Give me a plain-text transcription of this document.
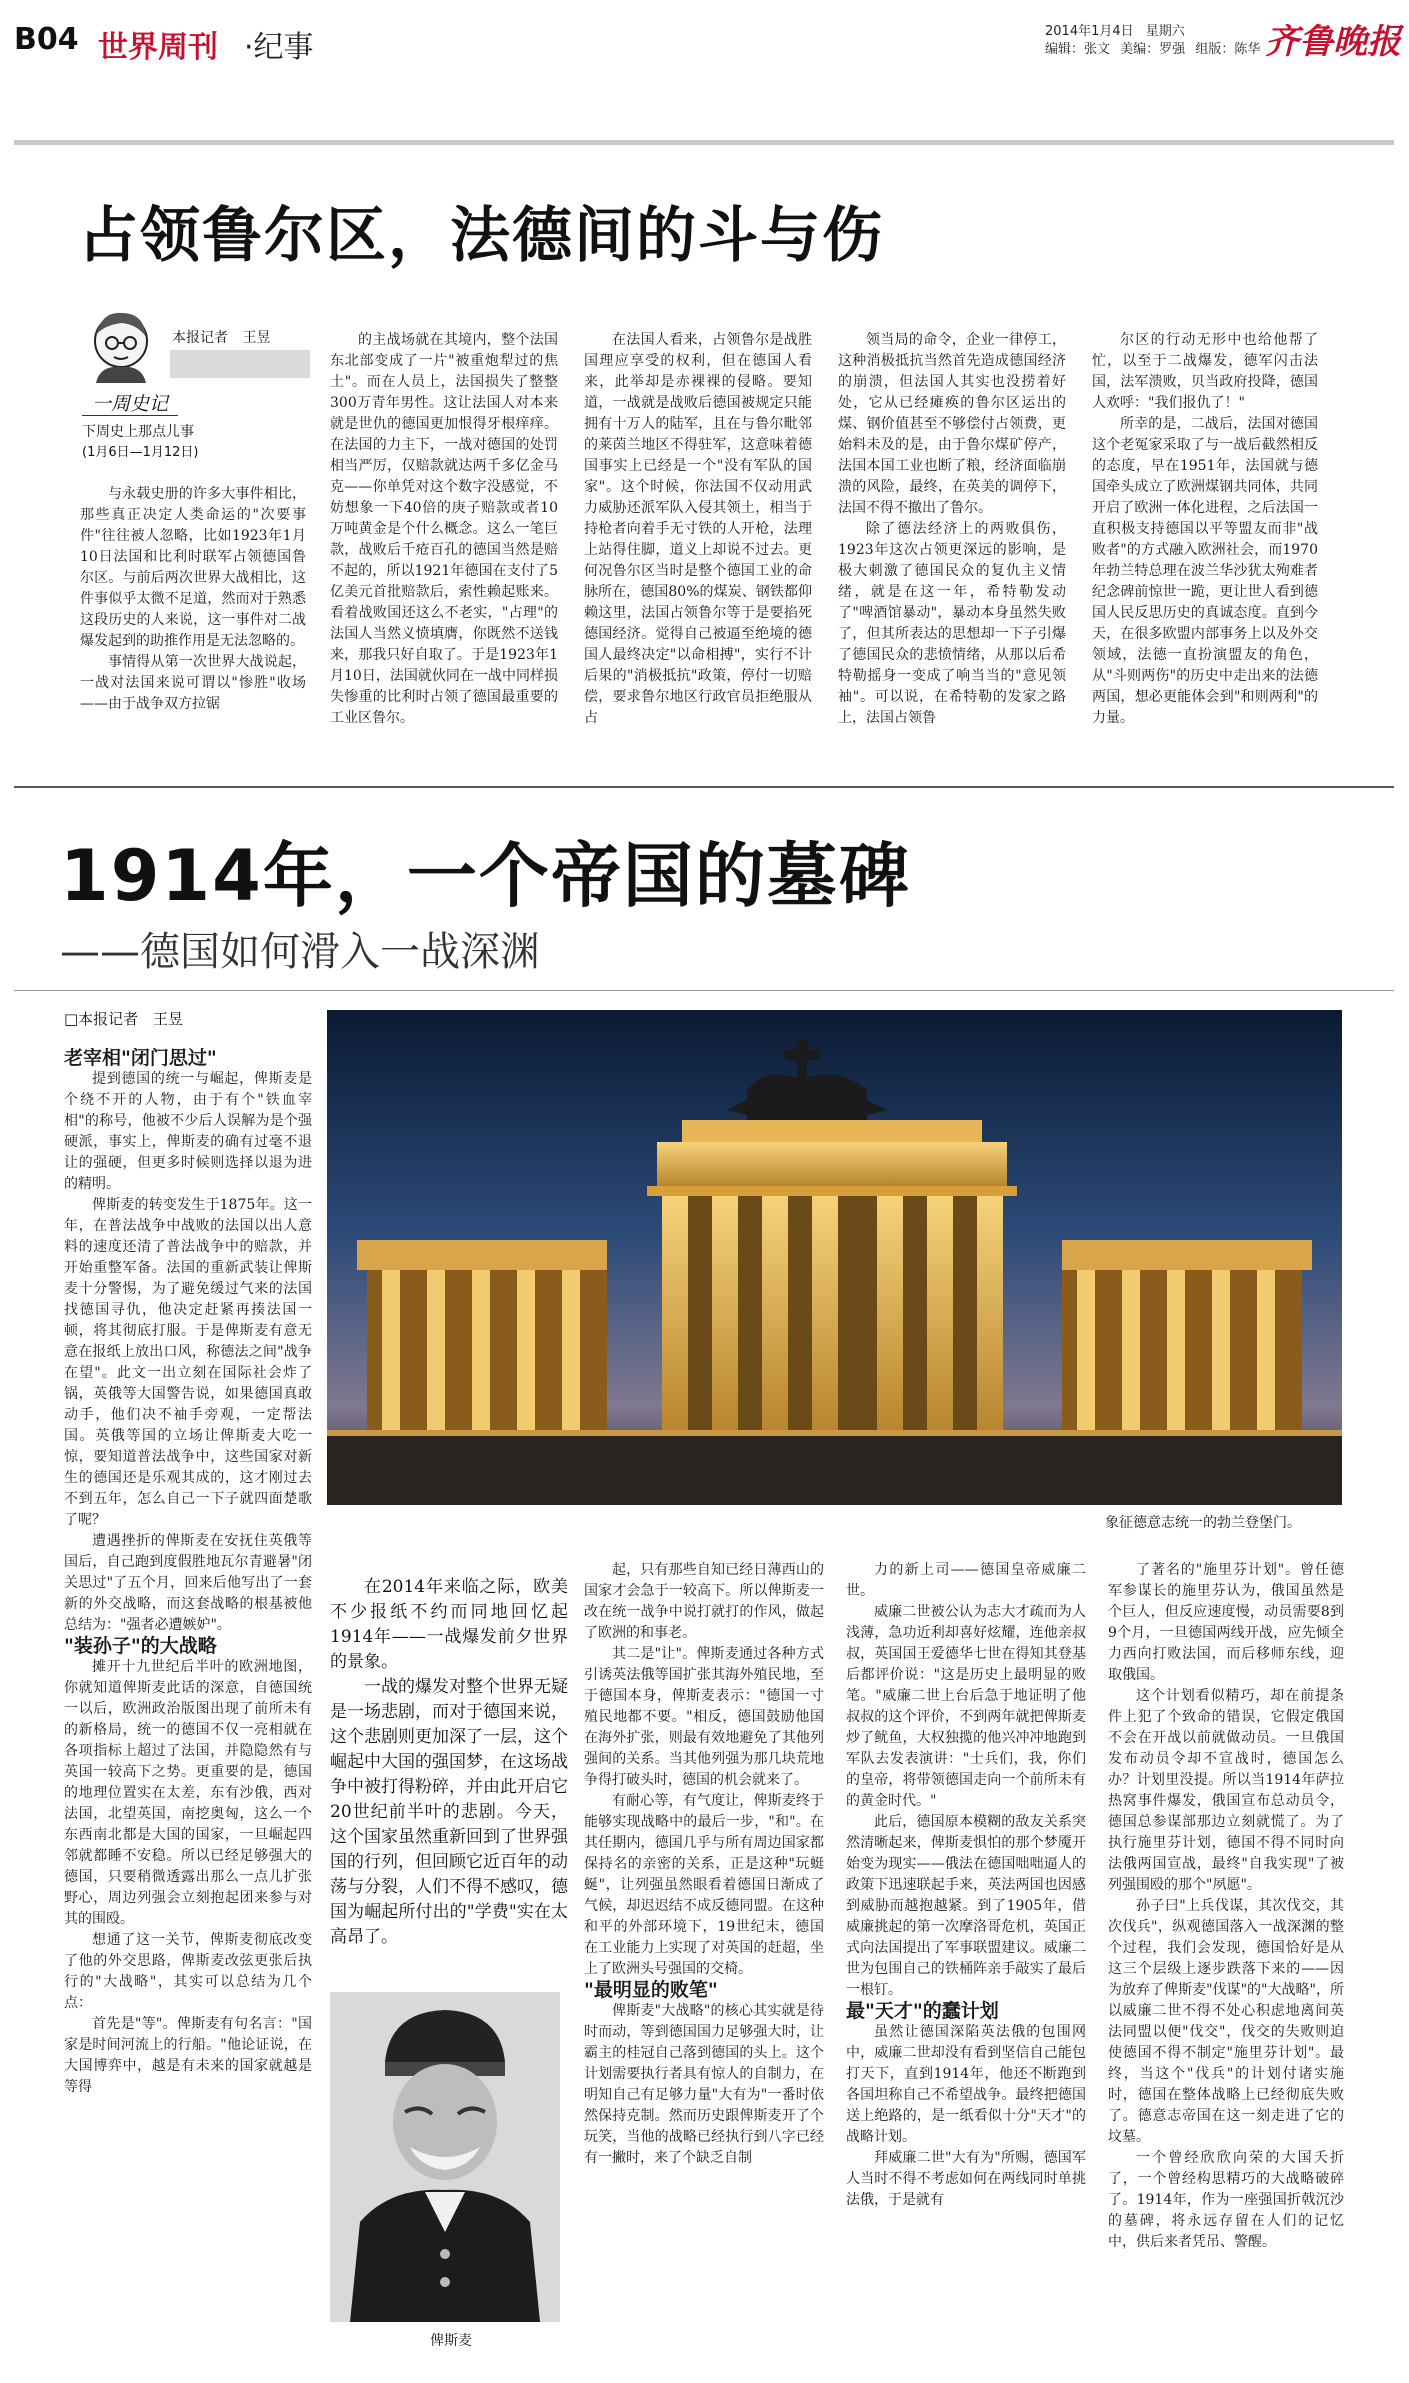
B04 世界周刊 ·纪事	2014年1月4日 星期六
编辑：张文 美编：罗强 组版：陈华 齐鲁晚报
占领鲁尔区，法德间的斗与伤
本报记者 王昱
一周史记
下周史上那点儿事
(1月6日—1月12日)

与永载史册的许多大事件相比，那些真正决定人类命运的"次要事件"往往被人忽略，比如1923年1月10日法国和比利时联军占领德国鲁尔区。与前后两次世界大战相比，这件事似乎太微不足道，然而对于熟悉这段历史的人来说，这一事件对二战爆发起到的助推作用是无法忽略的。

事情得从第一次世界大战说起，一战对法国来说可谓以"惨胜"收场——由于战争双方拉锯

的主战场就在其境内，整个法国东北部变成了一片"被重炮犁过的焦土"。而在人员上，法国损失了整整300万青年男性。这让法国人对本来就是世仇的德国更加恨得牙根痒痒。在法国的力主下，一战对德国的处罚相当严厉，仅赔款就达两千多亿金马克——你单凭对这个数字没感觉，不妨想象一下40倍的庚子赔款或者10万吨黄金是个什么概念。这么一笔巨款，战败后千疮百孔的德国当然是赔不起的，所以1921年德国在支付了5亿美元首批赔款后，索性赖起账来。看着战败国还这么不老实，"占理"的法国人当然义愤填膺，你既然不送钱来，那我只好自取了。于是1923年1月10日，法国就伙同在一战中同样损失惨重的比利时占领了德国最重要的工业区鲁尔。

在法国人看来，占领鲁尔是战胜国理应享受的权利，但在德国人看来，此举却是赤裸裸的侵略。要知道，一战就是战败后德国被规定只能拥有十万人的陆军，且在与鲁尔毗邻的莱茵兰地区不得驻军，这意味着德国事实上已经是一个"没有军队的国家"。这个时候，你法国不仅动用武力威胁还派军队入侵其领土，相当于持枪者向着手无寸铁的人开枪，法理上站得住脚，道义上却说不过去。更何况鲁尔区当时是整个德国工业的命脉所在，德国80%的煤炭、钢铁都仰赖这里，法国占领鲁尔等于是要掐死德国经济。觉得自己被逼至绝境的德国人最终决定"以命相搏"，实行不计后果的"消极抵抗"政策，停付一切赔偿，要求鲁尔地区行政官员拒绝服从占

领当局的命令，企业一律停工，这种消极抵抗当然首先造成德国经济的崩溃，但法国人其实也没捞着好处，它从已经瘫痪的鲁尔区运出的煤、钢价值甚至不够偿付占领费，更始料未及的是，由于鲁尔煤矿停产，法国本国工业也断了粮，经济面临崩溃的风险，最终，在英美的调停下，法国不得不撤出了鲁尔。

除了德法经济上的两败俱伤，1923年这次占领更深远的影响，是极大刺激了德国民众的复仇主义情绪，就是在这一年，希特勒发动了"啤酒馆暴动"，暴动本身虽然失败了，但其所表达的思想却一下子引爆了德国民众的悲愤情绪，从那以后希特勒摇身一变成了响当当的"意见领袖"。可以说，在希特勒的发家之路上，法国占领鲁

尔区的行动无形中也给他帮了忙，以至于二战爆发，德军闪击法国，法军溃败，贝当政府投降，德国人欢呼："我们报仇了！"

所幸的是，二战后，法国对德国这个老冤家采取了与一战后截然相反的态度，早在1951年，法国就与德国牵头成立了欧洲煤钢共同体，共同开启了欧洲一体化进程，之后法国一直积极支持德国以平等盟友而非"战败者"的方式融入欧洲社会，而1970年勃兰特总理在波兰华沙犹太殉难者纪念碑前惊世一跪，更让世人看到德国人民反思历史的真诚态度。直到今天，在很多欧盟内部事务上以及外交领域，法德一直扮演盟友的角色，从"斗则两伤"的历史中走出来的法德两国，想必更能体会到"和则两利"的力量。

1914年，一个帝国的墓碑
——德国如何滑入一战深渊
□本报记者 王昱
象征德意志统一的勃兰登堡门。

老宰相"闭门思过"

提到德国的统一与崛起，俾斯麦是个绕不开的人物，由于有个"铁血宰相"的称号，他被不少后人误解为是个强硬派，事实上，俾斯麦的确有过毫不退让的强硬，但更多时候则选择以退为进的精明。

俾斯麦的转变发生于1875年。这一年，在普法战争中战败的法国以出人意料的速度还清了普法战争中的赔款，并开始重整军备。法国的重新武装让俾斯麦十分警惕，为了避免缓过气来的法国找德国寻仇，他决定赶紧再揍法国一顿，将其彻底打服。于是俾斯麦有意无意在报纸上放出口风，称德法之间"战争在望"。此文一出立刻在国际社会炸了锅，英俄等大国警告说，如果德国真敢动手，他们决不袖手旁观，一定帮法国。英俄等国的立场让俾斯麦大吃一惊，要知道普法战争中，这些国家对新生的德国还是乐观其成的，这才刚过去不到五年，怎么自己一下子就四面楚歌了呢？

遭遇挫折的俾斯麦在安抚住英俄等国后，自己跑到度假胜地瓦尔青避暑"闭关思过"了五个月，回来后他写出了一套新的外交战略，而这套战略的根基被他总结为："强者必遭嫉妒"。

"装孙子"的大战略

摊开十九世纪后半叶的欧洲地图，你就知道俾斯麦此话的深意，自德国统一以后，欧洲政治版图出现了前所未有的新格局，统一的德国不仅一亮相就在各项指标上超过了法国，并隐隐然有与英国一较高下之势。更重要的是，德国的地理位置实在太差，东有沙俄，西对法国，北望英国，南挖奥匈，这么一个东西南北都是大国的国家，一旦崛起四邻就都睡不安稳。所以已经足够强大的德国，只要稍微透露出那么一点儿扩张野心，周边列强会立刻抱起团来参与对其的围殴。

想通了这一关节，俾斯麦彻底改变了他的外交思路，俾斯麦改弦更张后执行的"大战略"，其实可以总结为几个点：

首先是"等"。俾斯麦有句名言："国家是时间河流上的行船。"他论证说，在大国博弈中，越是有未来的国家就越是等得

在2014年来临之际，欧美不少报纸不约而同地回忆起1914年——一战爆发前夕世界的景象。

一战的爆发对整个世界无疑是一场悲剧，而对于德国来说，这个悲剧则更加深了一层，这个崛起中大国的强国梦，在这场战争中被打得粉碎，并由此开启它20世纪前半叶的悲剧。今天，这个国家虽然重新回到了世界强国的行列，但回顾它近百年的动荡与分裂，人们不得不感叹，德国为崛起所付出的"学费"实在太高昂了。

俾斯麦

起，只有那些自知已经日薄西山的国家才会急于一较高下。所以俾斯麦一改在统一战争中说打就打的作风，做起了欧洲的和事老。

其二是"让"。俾斯麦通过各种方式引诱英法俄等国扩张其海外殖民地，至于德国本身，俾斯麦表示："德国一寸殖民地都不要。"相反，德国鼓励他国在海外扩张，则最有效地避免了其他列强间的关系。当其他列强为那几块荒地争得打破头时，德国的机会就来了。

有耐心等，有气度让，俾斯麦终于能够实现战略中的最后一步，"和"。在其任期内，德国几乎与所有周边国家都保持名的亲密的关系，正是这种"玩蜓蜒"，让列强虽然眼看着德国日渐成了气候，却迟迟结不成反德同盟。在这种和平的外部环境下，19世纪末，德国在工业能力上实现了对英国的赶超，坐上了欧洲头号强国的交椅。

"最明显的败笔"

俾斯麦"大战略"的核心其实就是待时而动，等到德国国力足够强大时，让霸主的桂冠自己落到德国的头上。这个计划需要执行者具有惊人的自制力，在明知自己有足够力量"大有为"一番时依然保持克制。然而历史跟俾斯麦开了个玩笑，当他的战略已经执行到八字已经有一撇时，来了个缺乏自制

力的新上司——德国皇帝威廉二世。

威廉二世被公认为志大才疏而为人浅薄，急功近利却喜好炫耀，连他亲叔叔，英国国王爱德华七世在得知其登基后都评价说："这是历史上最明显的败笔。"威廉二世上台后急于地证明了他叔叔的这个评价，不到两年就把俾斯麦炒了鱿鱼，大权独揽的他兴冲冲地跑到军队去发表演讲："士兵们，我，你们的皇帝，将带领德国走向一个前所未有的黄金时代。"

此后，德国原本模糊的敌友关系突然清晰起来，俾斯麦惧怕的那个梦魇开始变为现实——俄法在德国咄咄逼人的政策下迅速联起手来，英法两国也因感到威胁而越抱越紧。到了1905年，借威廉挑起的第一次摩洛哥危机，英国正式向法国提出了军事联盟建议。威廉二世为包围自己的铁桶阵亲手敲实了最后一根钉。

最"天才"的蠢计划

虽然让德国深陷英法俄的包围网中，威廉二世却没有看到坚信自己能包打天下，直到1914年，他还不断跑到各国坦称自己不希望战争。最终把德国送上绝路的，是一纸看似十分"天才"的战略计划。

拜威廉二世"大有为"所赐，德国军人当时不得不考虑如何在两线同时单挑法俄，于是就有

了著名的"施里芬计划"。曾任德军参谋长的施里芬认为，俄国虽然是个巨人，但反应速度慢，动员需要8到9个月，一旦德国两线开战，应先倾全力西向打败法国，而后移师东线，迎取俄国。

这个计划看似精巧，却在前提条件上犯了个致命的错误，它假定俄国不会在开战以前就做动员。一旦俄国发布动员令却不宣战时，德国怎么办？计划里没提。所以当1914年萨拉热窝事件爆发，俄国宣布总动员令，德国总参谋部那边立刻就慌了。为了执行施里芬计划，德国不得不同时向法俄两国宣战，最终"自我实现"了被列强围殴的那个"夙愿"。

孙子曰"上兵伐谋，其次伐交，其次伐兵"，纵观德国落入一战深渊的整个过程，我们会发现，德国恰好是从这三个层级上逐步跌落下来的——因为放弃了俾斯麦"伐谋"的"大战略"，所以威廉二世不得不处心积虑地离间英法同盟以便"伐交"，伐交的失败则迫使德国不得不制定"施里芬计划"。最终，当这个"伐兵"的计划付诸实施时，德国在整体战略上已经彻底失败了。德意志帝国在这一刻走进了它的坟墓。

一个曾经欣欣向荣的大国夭折了，一个曾经构思精巧的大战略破碎了。1914年，作为一座强国折戟沉沙的墓碑，将永远存留在人们的记忆中，供后来者凭吊、警醒。
